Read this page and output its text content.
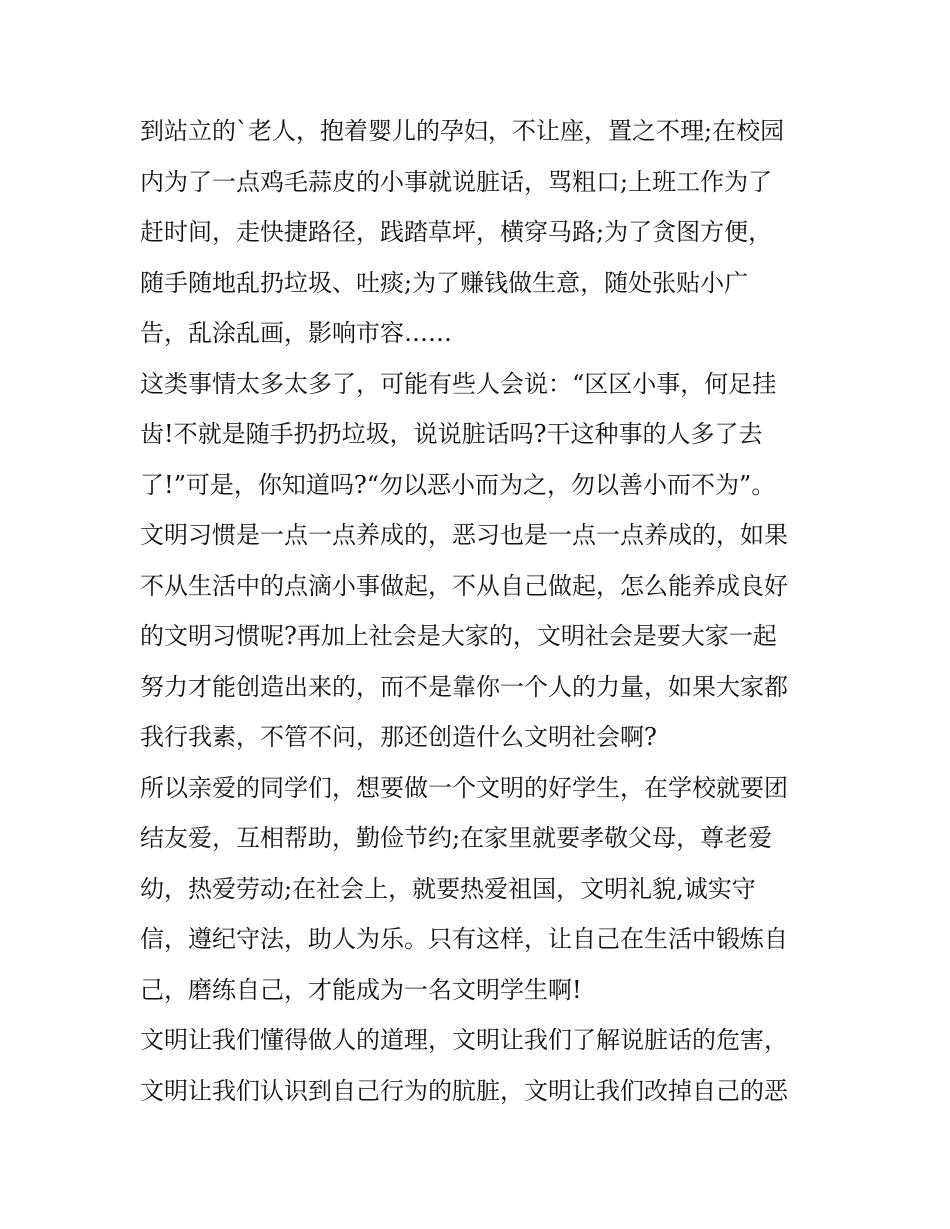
到站立的`老人，抱着婴儿的孕妇，不让座，置之不理;在校园
内为了一点鸡毛蒜皮的小事就说脏话，骂粗口;上班工作为了
赶时间，走快捷路径，践踏草坪，横穿马路;为了贪图方便，
随手随地乱扔垃圾、吐痰;为了赚钱做生意，随处张贴小广
告，乱涂乱画，影响市容……
这类事情太多太多了，可能有些人会说：“区区小事，何足挂
齿!不就是随手扔扔垃圾，说说脏话吗?干这种事的人多了去
了!”可是，你知道吗?“勿以恶小而为之，勿以善小而不为”。
文明习惯是一点一点养成的，恶习也是一点一点养成的，如果
不从生活中的点滴小事做起，不从自己做起，怎么能养成良好
的文明习惯呢?再加上社会是大家的，文明社会是要大家一起
努力才能创造出来的，而不是靠你一个人的力量，如果大家都
我行我素，不管不问，那还创造什么文明社会啊?
所以亲爱的同学们，想要做一个文明的好学生，在学校就要团
结友爱，互相帮助，勤俭节约;在家里就要孝敬父母，尊老爱
幼，热爱劳动;在社会上，就要热爱祖国，文明礼貌,诚实守
信，遵纪守法，助人为乐。只有这样，让自己在生活中锻炼自
己，磨练自己，才能成为一名文明学生啊!
文明让我们懂得做人的道理，文明让我们了解说脏话的危害，
文明让我们认识到自己行为的肮脏，文明让我们改掉自己的恶
